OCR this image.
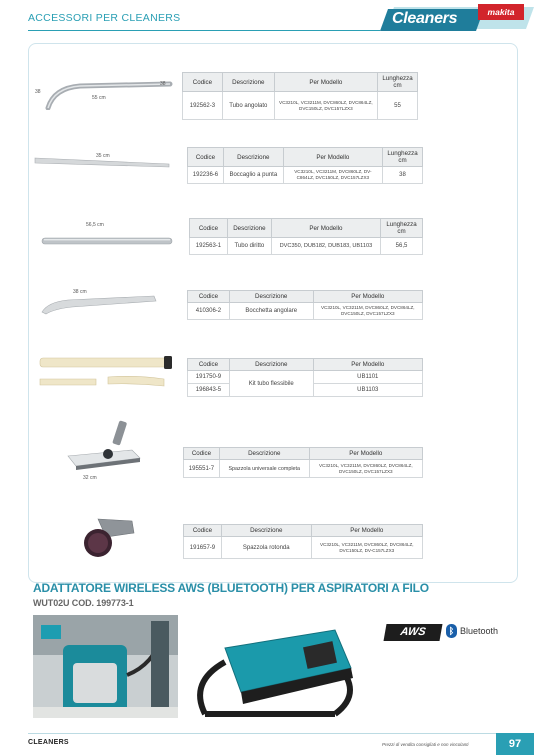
ACCESSORI PER CLEANERS	Cleaners	makita
38
38
55 cm
Codice	Descrizione	Per Modello	Lunghezza cm
192562-3	Tubo angolato	VC3210L, VC3211M, DVC860LZ, DVC864LZ, DVC150LZ, DVC157LZX3	55
35 cm	Codice	Descrizione	Per Modello	Lunghezza cm
192236-6	Boccaglio a punta	VC3210L, VC3211M, DVC860LZ, DV-C864LZ, DVC150LZ, DVC157LZX3	38
56,5 cm	Codice	Descrizione	Per Modello	Lunghezza cm
192563-1	Tubo diritto	DVC350, DUB182, DUB183, UB1103	56,5
38 cm
Codice	Descrizione	Per Modello
410306-2	Bocchetta angolare	VC3210L, VC3211M, DVC860LZ, DVC864LZ, DVC150LZ, DVC157LZX3
Codice	Descrizione	Per Modello
191750-9	Kit tubo flessibile	UB1101
196843-5		UB1103
32 cm
Codice	Descrizione	Per Modello
195551-7	Spazzola universale completa	VC3210L, VC3211M, DVC860LZ, DVC864LZ, DVC150LZ, DVC157LZX3
Codice	Descrizione	Per Modello
191657-9	Spazzola rotonda	VC3210L, VC3211M, DVC860LZ, DVC864LZ, DVC150LZ, DV-C157LZX3
ADATTATORE WIRELESS AWS (BLUETOOTH) PER ASPIRATORI A FILO
WUT02U COD. 199773-1
AWS	ᛒ Bluetooth
CLEANERS	Prezzi di vendita consigliati e non vincolanti	97
